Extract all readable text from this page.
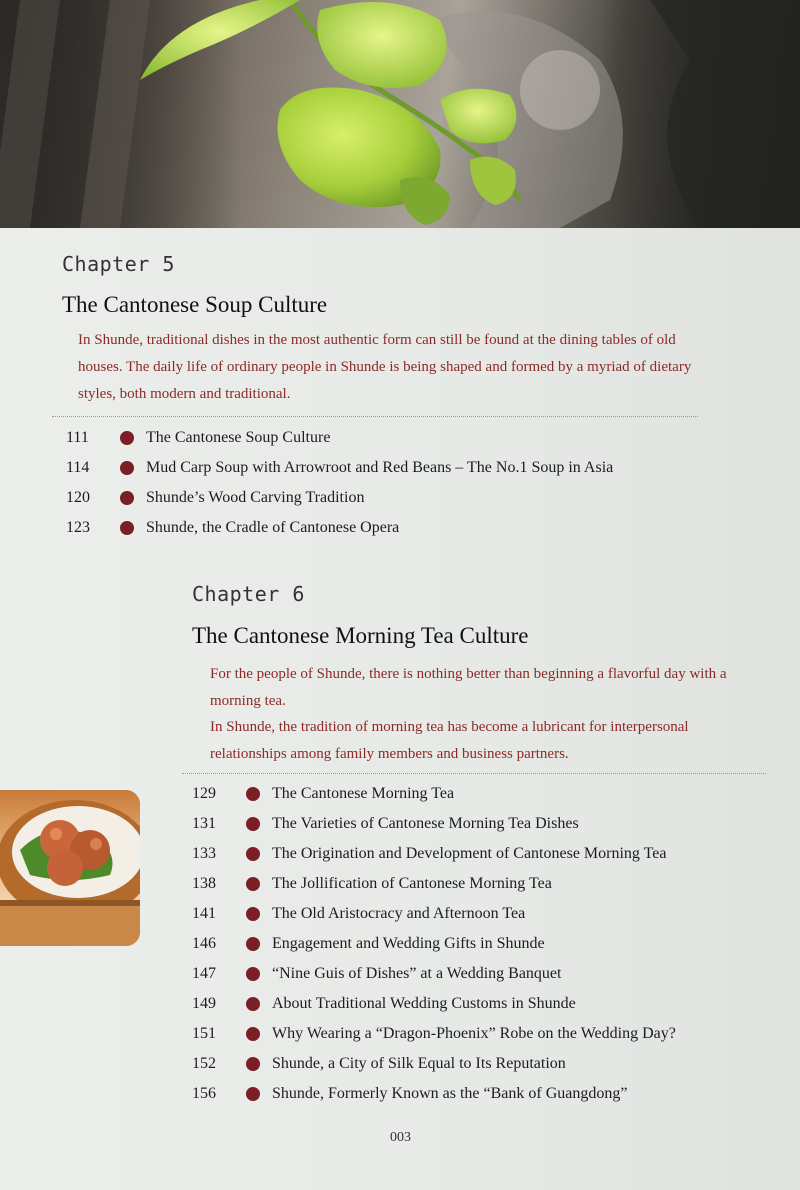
Chapter 5
The Cantonese Soup Culture
In Shunde, traditional dishes in the most authentic form can still be found at the dining tables of old houses. The daily life of ordinary people in Shunde is being shaped and formed by a myriad of dietary styles, both modern and traditional.
111	The Cantonese Soup Culture
114	Mud Carp Soup with Arrowroot and Red Beans – The No.1 Soup in Asia
120	Shunde’s Wood Carving Tradition
123	Shunde, the Cradle of Cantonese Opera
Chapter 6
The Cantonese Morning Tea Culture
For the people of Shunde, there is nothing better than beginning a flavorful day with a morning tea.
In Shunde, the tradition of morning tea has become a lubricant for interpersonal relationships among family members and business partners.
129	The Cantonese Morning Tea
131	The Varieties of Cantonese Morning Tea Dishes
133	The Origination and Development of Cantonese Morning Tea
138	The Jollification of Cantonese Morning Tea
141	The Old Aristocracy and Afternoon Tea
146	Engagement and Wedding Gifts in Shunde
147	“Nine Guis of Dishes” at a Wedding Banquet
149	About Traditional Wedding Customs in Shunde
151	Why Wearing a “Dragon-Phoenix” Robe on the Wedding Day?
152	Shunde, a City of Silk Equal to Its Reputation
156	Shunde, Formerly Known as the “Bank of Guangdong”
003
